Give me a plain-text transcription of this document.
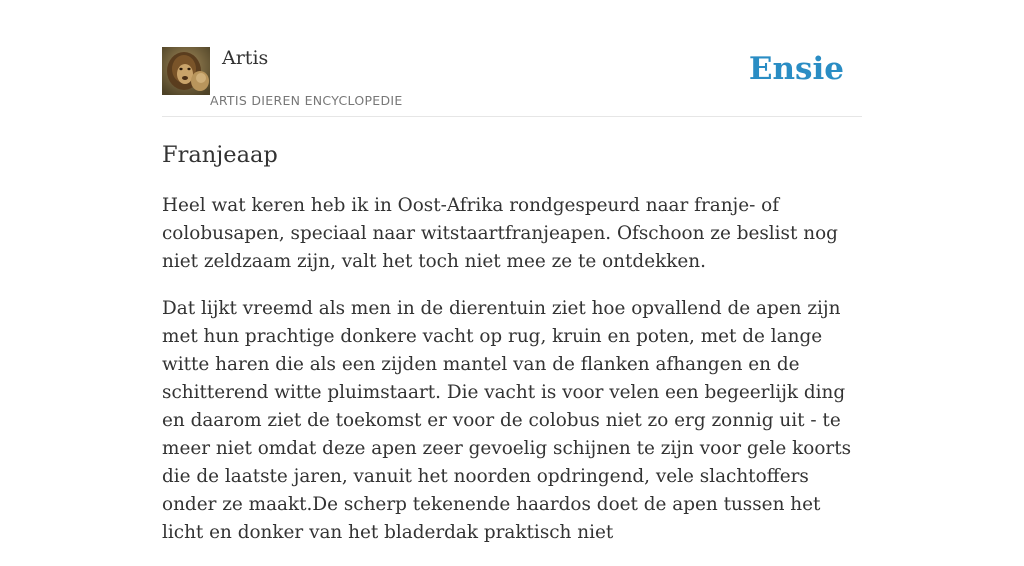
Artis
ARTIS DIEREN ENCYCLOPEDIE
Ensie
Franjeaap

Heel wat keren heb ik in Oost-Afrika rondgespeurd naar franje- of colobusapen, speciaal naar witstaartfranjeapen. Ofschoon ze beslist nog niet zeldzaam zijn, valt het toch niet mee ze te ontdekken.

Dat lijkt vreemd als men in de dierentuin ziet hoe opvallend de apen zijn met hun prachtige donkere vacht op rug, kruin en poten, met de lange witte haren die als een zijden mantel van de flanken afhangen en de schitterend witte pluimstaart. Die vacht is voor velen een begeerlijk ding en daarom ziet de toekomst er voor de colobus niet zo erg zonnig uit - te meer niet omdat deze apen zeer gevoelig schijnen te zijn voor gele koorts die de laatste jaren, vanuit het noorden opdringend, vele slachtoffers onder ze maakt.De scherp tekenende haardos doet de apen tussen het licht en donker van het bladerdak praktisch niet
